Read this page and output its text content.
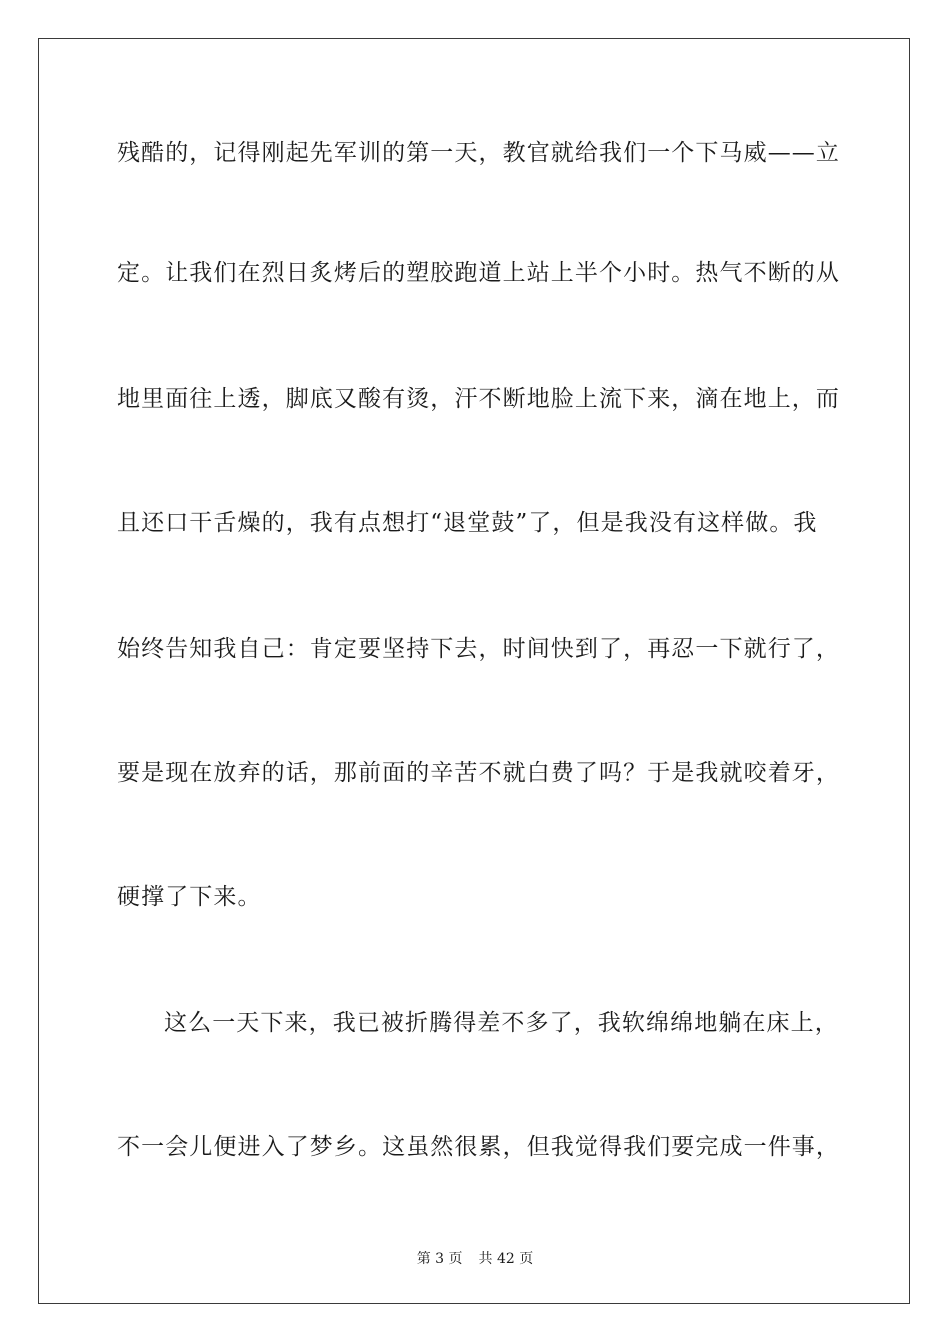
残酷的，记得刚起先军训的第一天，教官就给我们一个下马威——立
定。让我们在烈日炙烤后的塑胶跑道上站上半个小时。热气不断的从
地里面往上透，脚底又酸有烫，汗不断地脸上流下来，滴在地上，而
且还口干舌燥的，我有点想打“退堂鼓”了，但是我没有这样做。我
始终告知我自己：肯定要坚持下去，时间快到了，再忍一下就行了，
要是现在放弃的话，那前面的辛苦不就白费了吗？于是我就咬着牙，
硬撑了下来。
这么一天下来，我已被折腾得差不多了，我软绵绵地躺在床上，
不一会儿便进入了梦乡。这虽然很累，但我觉得我们要完成一件事，
第 3 页 共 42 页
